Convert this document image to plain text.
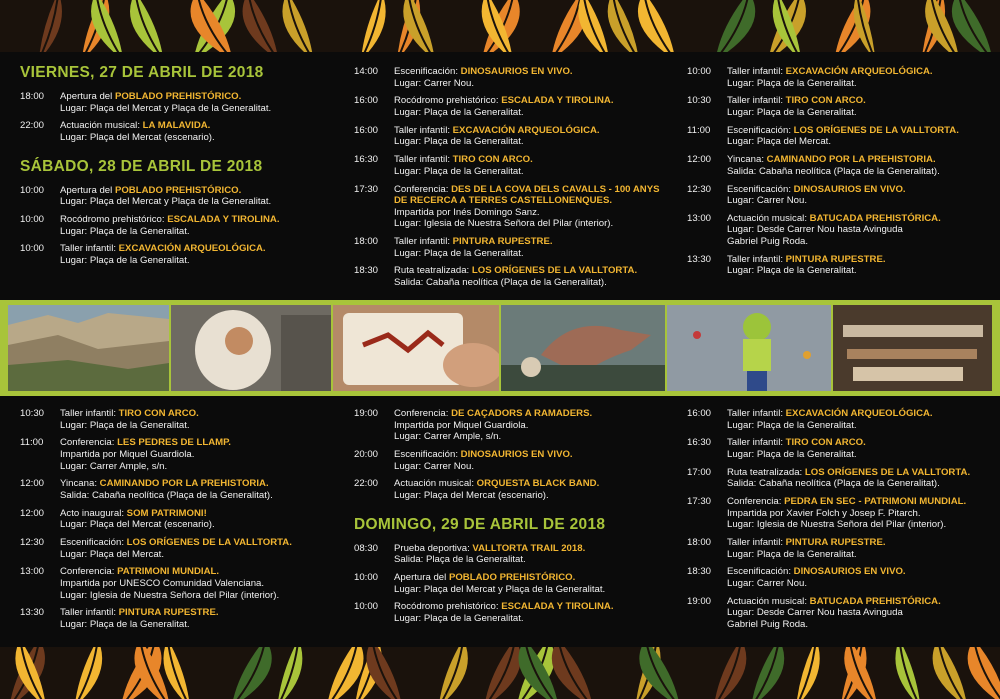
VIERNES, 27 DE ABRIL DE 2018
18:00	Apertura del POBLADO PREHISTÓRICO.
Lugar: Plaça del Mercat y Plaça de la Generalitat.
22:00	Actuación musical: LA MALAVIDA.
Lugar: Plaça del Mercat (escenario).
SÁBADO, 28 DE ABRIL DE 2018
10:00	Apertura del POBLADO PREHISTÓRICO.
Lugar: Plaça del Mercat y Plaça de la Generalitat.
10:00	Rocódromo prehistórico: ESCALADA Y TIROLINA.
Lugar: Plaça de la Generalitat.
10:00	Taller infantil: EXCAVACIÓN ARQUEOLÓGICA.
Lugar: Plaça de la Generalitat.
14:00	Escenificación: DINOSAURIOS EN VIVO.
Lugar: Carrer Nou.
16:00	Rocódromo prehistórico: ESCALADA Y TIROLINA.
Lugar: Plaça de la Generalitat.
16:00	Taller infantil: EXCAVACIÓN ARQUEOLÓGICA.
Lugar: Plaça de la Generalitat.
16:30	Taller infantil: TIRO CON ARCO.
Lugar: Plaça de la Generalitat.
17:30	Conferencia: DES DE LA COVA DELS CAVALLS - 100 ANYS DE RECERCA A TERRES CASTELLONENQUES.
Impartida por Inés Domingo Sanz.
Lugar: Iglesia de Nuestra Señora del Pilar (interior).
18:00	Taller infantil: PINTURA RUPESTRE.
Lugar: Plaça de la Generalitat.
18:30	Ruta teatralizada: LOS ORÍGENES DE LA VALLTORTA.
Salida: Cabaña neolítica (Plaça de la Generalitat).
10:00	Taller infantil: EXCAVACIÓN ARQUEOLÓGICA.
Lugar: Plaça de la Generalitat.
10:30	Taller infantil: TIRO CON ARCO.
Lugar: Plaça de la Generalitat.
11:00	Escenificación: LOS ORÍGENES DE LA VALLTORTA.
Lugar: Plaça del Mercat.
12:00	Yincana: CAMINANDO POR LA PREHISTORIA.
Salida: Cabaña neolítica (Plaça de la Generalitat).
12:30	Escenificación: DINOSAURIOS EN VIVO.
Lugar: Carrer Nou.
13:00	Actuación musical: BATUCADA PREHISTÓRICA.
Lugar: Desde Carrer Nou hasta Avinguda
Gabriel Puig Roda.
13:30	Taller infantil: PINTURA RUPESTRE.
Lugar: Plaça de la Generalitat.
10:30	Taller infantil: TIRO CON ARCO.
Lugar: Plaça de la Generalitat.
11:00	Conferencia: LES PEDRES DE LLAMP.
Impartida por Miquel Guardiola.
Lugar: Carrer Ample, s/n.
12:00	Yincana: CAMINANDO POR LA PREHISTORIA.
Salida: Cabaña neolítica (Plaça de la Generalitat).
12:00	Acto inaugural: SOM PATRIMONI!
Lugar: Plaça del Mercat (escenario).
12:30	Escenificación: LOS ORÍGENES DE LA VALLTORTA.
Lugar: Plaça del Mercat.
13:00	Conferencia: PATRIMONI MUNDIAL.
Impartida por UNESCO Comunidad Valenciana.
Lugar: Iglesia de Nuestra Señora del Pilar (interior).
13:30	Taller infantil: PINTURA RUPESTRE.
Lugar: Plaça de la Generalitat.
19:00	Conferencia: DE CAÇADORS A RAMADERS.
Impartida por Miquel Guardiola.
Lugar: Carrer Ample, s/n.
20:00	Escenificación: DINOSAURIOS EN VIVO.
Lugar: Carrer Nou.
22:00	Actuación musical: ORQUESTA BLACK BAND.
Lugar: Plaça del Mercat (escenario).
DOMINGO, 29 DE ABRIL DE 2018
08:30	Prueba deportiva: VALLTORTA TRAIL 2018.
Salida: Plaça de la Generalitat.
10:00	Apertura del POBLADO PREHISTÓRICO.
Lugar: Plaça del Mercat y Plaça de la Generalitat.
10:00	Rocódromo prehistórico: ESCALADA Y TIROLINA.
Lugar: Plaça de la Generalitat.
16:00	Taller infantil: EXCAVACIÓN ARQUEOLÓGICA.
Lugar: Plaça de la Generalitat.
16:30	Taller infantil: TIRO CON ARCO.
Lugar: Plaça de la Generalitat.
17:00	Ruta teatralizada: LOS ORÍGENES DE LA VALLTORTA.
Salida: Cabaña neolítica (Plaça de la Generalitat).
17:30	Conferencia: PEDRA EN SEC - PATRIMONI MUNDIAL.
Impartida por Xavier Folch y Josep F. Pitarch.
Lugar: Iglesia de Nuestra Señora del Pilar (interior).
18:00	Taller infantil: PINTURA RUPESTRE.
Lugar: Plaça de la Generalitat.
18:30	Escenificación: DINOSAURIOS EN VIVO.
Lugar: Carrer Nou.
19:00	Actuación musical: BATUCADA PREHISTÓRICA.
Lugar: Desde Carrer Nou hasta Avinguda
Gabriel Puig Roda.
